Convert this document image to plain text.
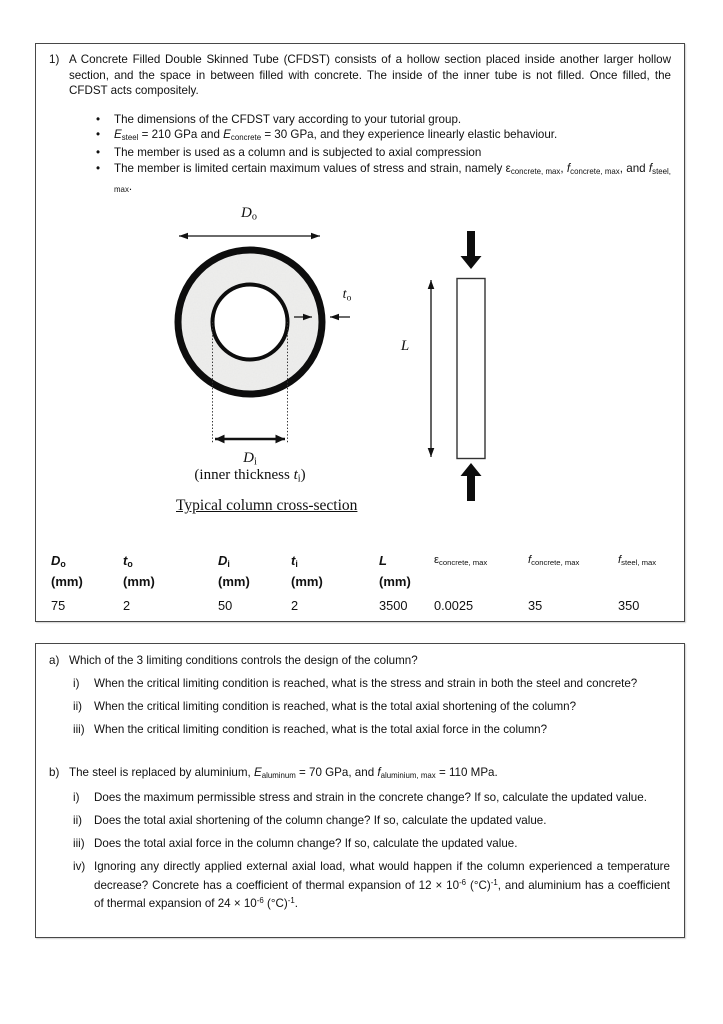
1) A Concrete Filled Double Skinned Tube (CFDST) consists of a hollow section placed inside another larger hollow section, and the space in between filled with concrete. The inside of the inner tube is not filled. Once filled, the CFDST acts compositely.
•
The dimensions of the CFDST vary according to your tutorial group.
•
$E_{steel} = 210$ GPa and $E_{concrete} = 30$ GPa, and they experience linearly elastic behaviour.
•
The member is used as a column and is subjected to axial compression
•
The member is limited certain maximum values of stress and strain, namely $\varepsilon_{concrete, max}$, $f_{concrete, max}$, and $f_{steel, max}$.
$D_o$
$t_o$
$D_i$
(inner thickness $t_i$)
L
Typical column cross-section
$D_o$	$t_o$	$D_i$	$t_i$	L	$\varepsilon_{concrete, max}$	$f_{concrete, max}$	$f_{steel, max}$
(mm)	(mm)	(mm)	(mm)	(mm)
75	2	50	2	3500	0.0025	35	350
a) Which of the 3 limiting conditions controls the design of the column?
i)	When the critical limiting condition is reached, what is the stress and strain in both the steel and concrete?
ii)	When the critical limiting condition is reached, what is the total axial shortening of the column?
iii) When the critical limiting condition is reached, what is the total axial force in the column?
b) The steel is replaced by aluminium, $E_{aluminum} = 70$ GPa, and $f_{aluminium, max} = 110$ MPa.
i)	Does the maximum permissible stress and strain in the concrete change? If so, calculate the updated value.
ii)	Does the total axial shortening of the column change? If so, calculate the updated value.
iii) Does the total axial force in the column change? If so, calculate the updated value.
iv) Ignoring any directly applied external axial load, what would happen if the column experienced a temperature decrease? Concrete has a coefficient of thermal expansion of $12 \times 10^{-6}$ $(^\circ C)^{-1}$, and aluminium has a coefficient of thermal expansion of $24 \times 10^{-6}$ $(^\circ C)^{-1}$.
